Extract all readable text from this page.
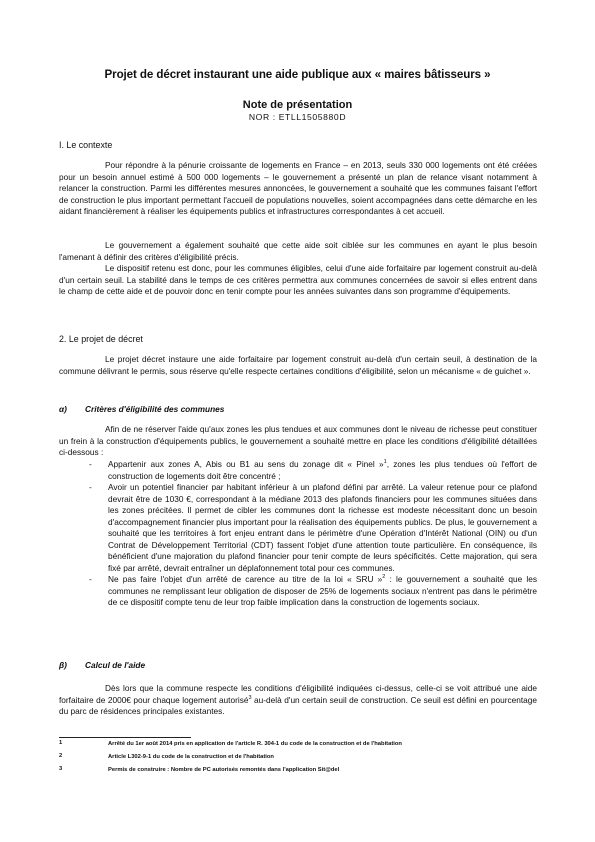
Projet de décret instaurant une aide publique aux « maires bâtisseurs »
Note de présentation
NOR : ETLL1505880D
I. Le contexte

Pour répondre à la pénurie croissante de logements en France – en 2013, seuls 330 000 logements ont été créées pour un besoin annuel estimé à 500 000 logements – le gouvernement a présenté un plan de relance visant notamment à relancer la construction. Parmi les différentes mesures annoncées, le gouvernement a souhaité que les communes faisant l'effort de construction le plus important permettant l'accueil de populations nouvelles, soient accompagnées dans cette démarche en les aidant financièrement à réaliser les équipements publics et infrastructures correspondantes à cet accueil.

Le gouvernement a également souhaité que cette aide soit ciblée sur les communes en ayant le plus besoin l'amenant à définir des critères d'éligibilité précis.

Le dispositif retenu est donc, pour les communes éligibles, celui d'une aide forfaitaire par logement construit au-delà d'un certain seuil. La stabilité dans le temps de ces critères permettra aux communes concernées de savoir si elles entrent dans le champ de cette aide et de pouvoir donc en tenir compte pour les années suivantes dans son programme d'équipements.

2. Le projet de décret

Le projet décret instaure une aide forfaitaire par logement construit au-delà d'un certain seuil, à destination de la commune délivrant le permis, sous réserve qu'elle respecte certaines conditions d'éligibilité, selon un mécanisme « de guichet ».

α) Critères d'éligibilité des communes

Afin de ne réserver l'aide qu'aux zones les plus tendues et aux communes dont le niveau de richesse peut constituer un frein à la construction d'équipements publics, le gouvernement a souhaité mettre en place les conditions d'éligibilité détaillées ci-dessous :

- Appartenir aux zones A, Abis ou B1 au sens du zonage dit « Pinel »$^1$, zones les plus tendues où l'effort de construction de logements doit être concentré ;
- Avoir un potentiel financier par habitant inférieur à un plafond défini par arrêté. La valeur retenue pour ce plafond devrait être de 1030 €, correspondant à la médiane 2013 des plafonds financiers pour les communes situées dans les zones précitées. Il permet de cibler les communes dont la richesse est modeste nécessitant donc un besoin d'accompagnement financier plus important pour la réalisation des équipements publics. De plus, le gouvernement a souhaité que les territoires à fort enjeu entrant dans le périmètre d'une Opération d'Intérêt National (OIN) ou d'un Contrat de Développement Territorial (CDT) fassent l'objet d'une attention toute particulière. En conséquence, ils bénéficient d'une majoration du plafond financier pour tenir compte de leurs spécificités. Cette majoration, qui sera fixé par arrêté, devrait entraîner un déplafonnement total pour ces communes.
- Ne pas faire l'objet d'un arrêté de carence au titre de la loi « SRU »$^2$ : le gouvernement a souhaité que les communes ne remplissant leur obligation de disposer de 25% de logements sociaux n'entrent pas dans le périmètre de ce dispositif compte tenu de leur trop faible implication dans la construction de logements sociaux.
β) Calcul de l'aide

Dès lors que la commune respecte les conditions d'éligibilité indiquées ci-dessus, celle-ci se voit attribué une aide forfaitaire de 2000€ pour chaque logement autorisé$^3$ au-delà d'un certain seuil de construction. Ce seuil est défini en pourcentage du parc de résidences principales existantes.

1	Arrêté du 1er août 2014 pris en application de l'article R. 304-1 du code de la construction et de l'habitation
2	Article L302-9-1 du code de la construction et de l'habitation
3	Permis de construire : Nombre de PC autorisés remontés dans l'application Sit@del
